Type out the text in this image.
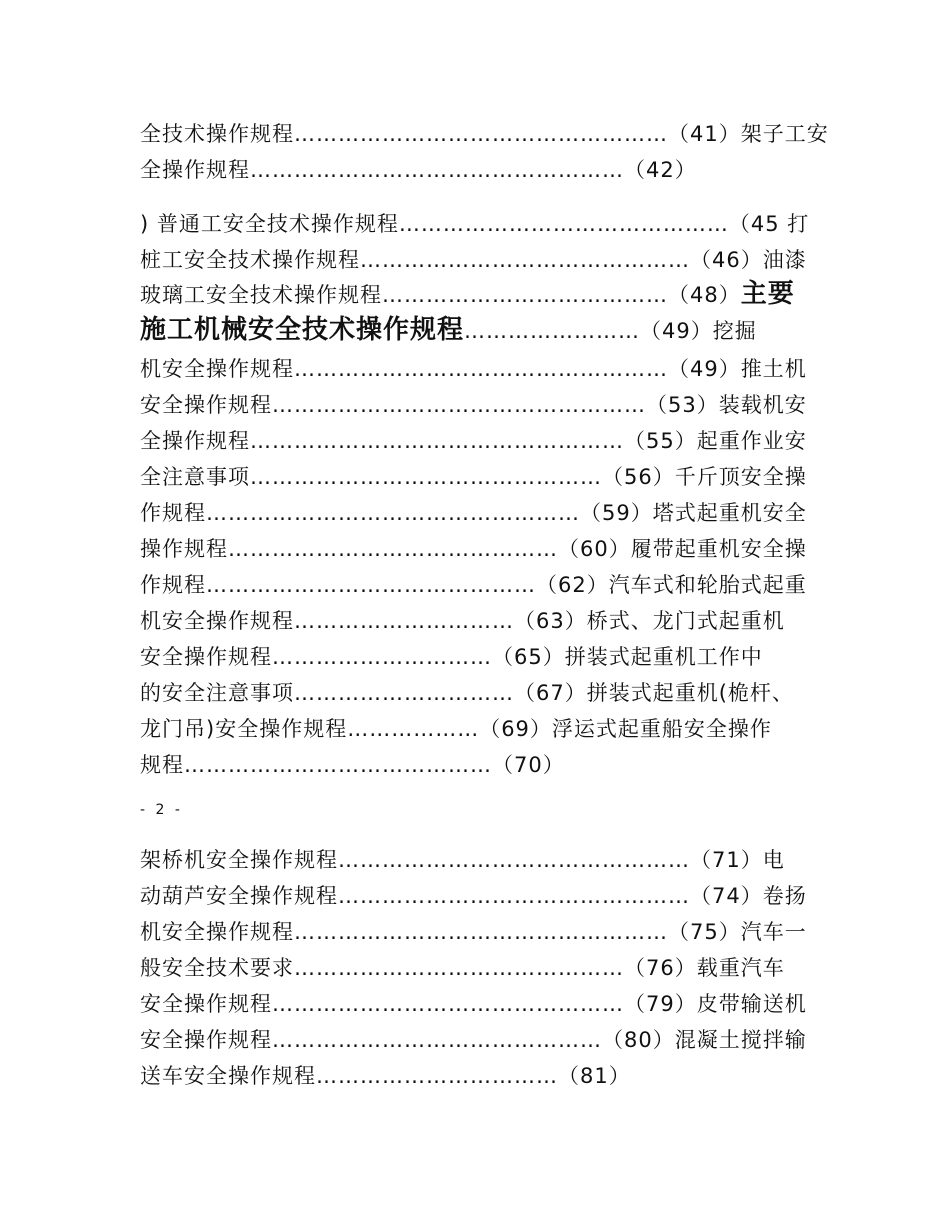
全技术操作规程……………………………………………（41）架子工安
全操作规程……………………………………………（42）
) 普通工安全技术操作规程………………………………………（45 打
桩工安全技术操作规程………………………………………（46）油漆
玻璃工安全技术操作规程…………………………………（48）主要
施工机械安全技术操作规程……………………（49）挖掘
机安全操作规程……………………………………………（49）推土机
安全操作规程……………………………………………（53）装载机安
全操作规程……………………………………………（55）起重作业安
全注意事项…………………………………………（56）千斤顶安全操
作规程……………………………………………（59）塔式起重机安全
操作规程………………………………………（60）履带起重机安全操
作规程………………………………………（62）汽车式和轮胎式起重
机安全操作规程…………………………（63）桥式、龙门式起重机
安全操作规程…………………………（65）拼装式起重机工作中
的安全注意事项…………………………（67）拼装式起重机(桅杆、
龙门吊)安全操作规程………………（69）浮运式起重船安全操作
规程……………………………………（70）
- 2 -
架桥机安全操作规程…………………………………………（71）电
动葫芦安全操作规程…………………………………………（74）卷扬
机安全操作规程……………………………………………（75）汽车一
般安全技术要求………………………………………（76）载重汽车
安全操作规程…………………………………………（79）皮带输送机
安全操作规程………………………………………（80）混凝土搅拌输
送车安全操作规程……………………………（81）
